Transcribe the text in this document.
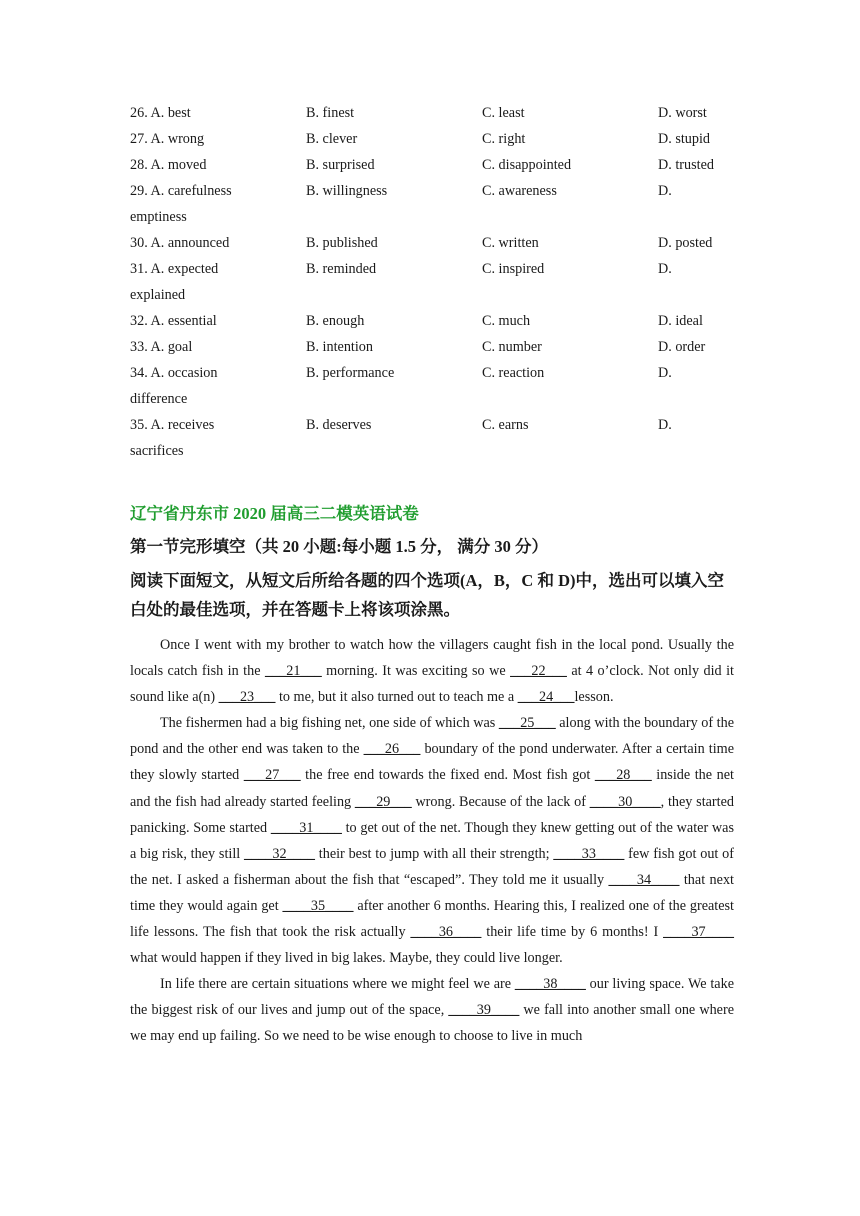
26. A. best	B. finest	C. least	D. worst
27. A. wrong	B. clever	C. right	D. stupid
28. A. moved	B. surprised	C. disappointed	D. trusted
29. A. carefulness	B. willingness	C. awareness	D.
emptiness
30. A. announced	B. published	C. written	D. posted
31. A. expected	B. reminded	C. inspired	D.
explained
32. A. essential	B. enough	C. much	D. ideal
33. A. goal	B. intention	C. number	D. order
34. A. occasion	B. performance	C. reaction	D.
difference
35. A. receives	B. deserves	C. earns	D.
sacrifices
辽宁省丹东市 2020 届高三二模英语试卷
第一节完形填空（共 20 小题:每小题 1.5 分， 满分 30 分）
阅读下面短文，从短文后所给各题的四个选项(A，B，C 和 D)中，选出可以填入空白处的最佳选项，并在答题卡上将该项涂黑。

Once I went with my brother to watch how the villagers caught fish in the local pond. Usually the locals catch fish in the ___21___ morning. It was exciting so we ___22___ at 4 o’clock. Not only did it sound like a(n) ___23___ to me, but it also turned out to teach me a ___24___lesson.

The fishermen had a big fishing net, one side of which was ___25___ along with the boundary of the pond and the other end was taken to the ___26___ boundary of the pond underwater. After a certain time they slowly started ___27___ the free end towards the fixed end. Most fish got ___28___ inside the net and the fish had already started feeling ___29___ wrong. Because of the lack of ____30____, they started panicking. Some started ____31____ to get out of the net. Though they knew getting out of the water was a big risk, they still ____32____ their best to jump with all their strength; ____33____ few fish got out of the net. I asked a fisherman about the fish that “escaped”. They told me it usually ____34____ that next time they would again get ____35____ after another 6 months. Hearing this, I realized one of the greatest life lessons. The fish that took the risk actually ____36____ their life time by 6 months! I ____37____ what would happen if they lived in big lakes. Maybe, they could live longer.

In life there are certain situations where we might feel we are ____38____ our living space. We take the biggest risk of our lives and jump out of the space, ____39____ we fall into another small one where we may end up failing. So we need to be wise enough to choose to live in much
